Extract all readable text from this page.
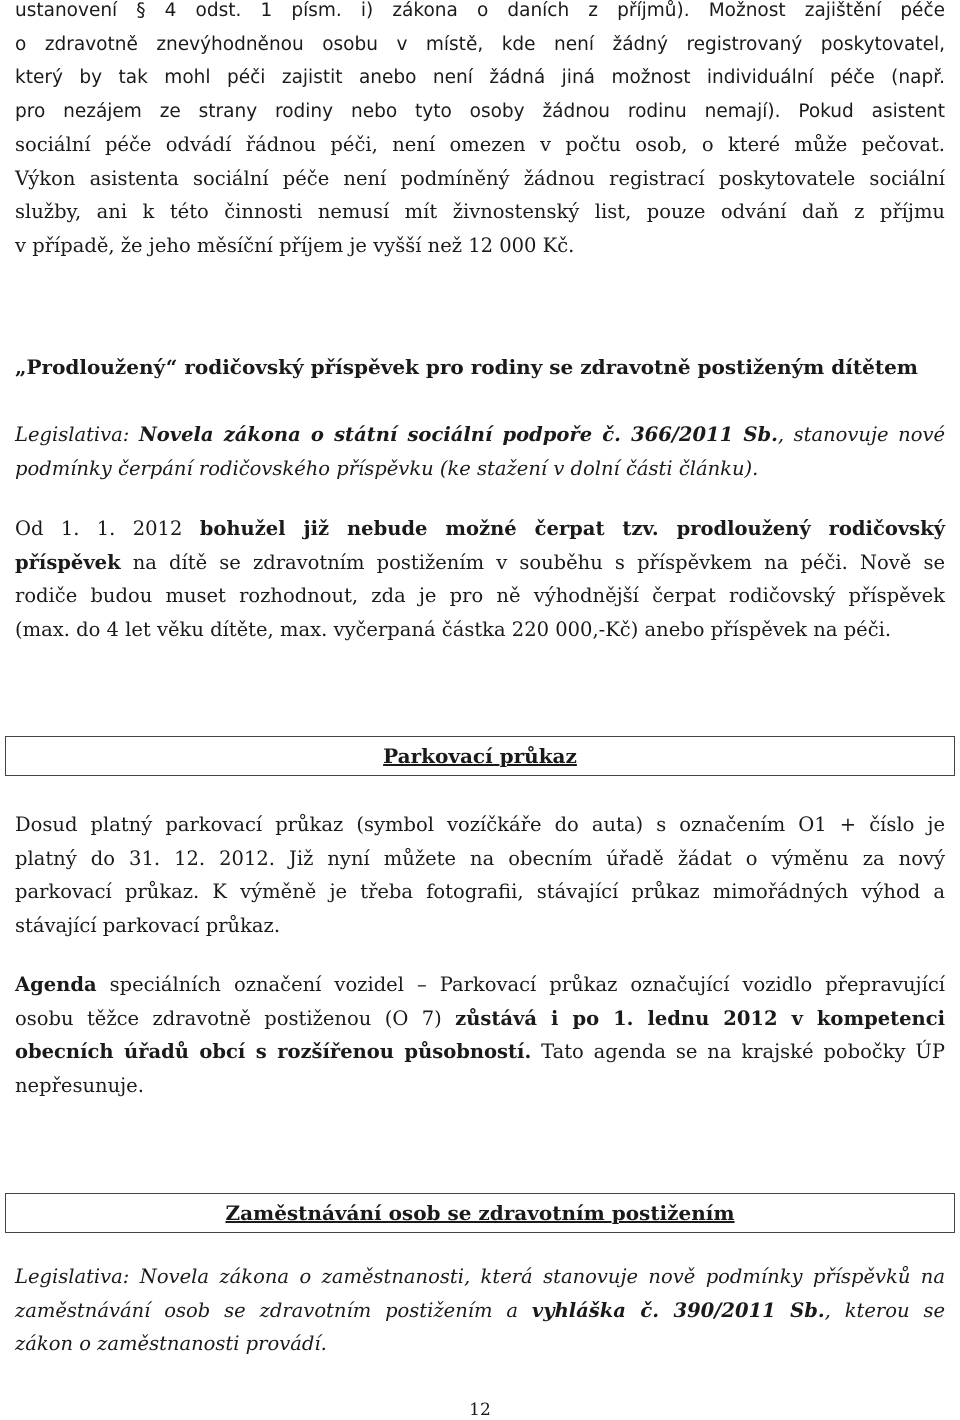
ustanovení § 4 odst. 1 písm. i) zákona o daních z příjmů). Možnost zajištění péče
o zdravotně znevýhodněnou osobu v místě, kde není žádný registrovaný poskytovatel,
který by tak mohl péči zajistit anebo není žádná jiná možnost individuální péče (např.
pro nezájem ze strany rodiny nebo tyto osoby žádnou rodinu nemají). Pokud asistent
sociální péče odvádí řádnou péči, není omezen v počtu osob, o které může pečovat.
Výkon asistenta sociální péče není podmíněný žádnou registrací poskytovatele sociální
služby, ani k této činnosti nemusí mít živnostenský list, pouze odvání daň z příjmu
v případě, že jeho měsíční příjem je vyšší než 12 000 Kč.
„Prodloužený“ rodičovský příspěvek pro rodiny se zdravotně postiženým dítětem
Legislativa: Novela zákona o státní sociální podpoře č. 366/2011 Sb., stanovuje nové
podmínky čerpání rodičovského příspěvku (ke stažení v dolní části článku).
Od 1. 1. 2012 bohužel již nebude možné čerpat tzv. prodloužený rodičovský
příspěvek na dítě se zdravotním postižením v souběhu s příspěvkem na péči. Nově se
rodiče budou muset rozhodnout, zda je pro ně výhodnější čerpat rodičovský příspěvek
(max. do 4 let věku dítěte, max. vyčerpaná částka 220 000,-Kč) anebo příspěvek na péči.
Parkovací průkaz
Dosud platný parkovací průkaz (symbol vozíčkáře do auta) s označením O1 + číslo je
platný do 31. 12. 2012. Již nyní můžete na obecním úřadě žádat o výměnu za nový
parkovací průkaz. K výměně je třeba fotografii, stávající průkaz mimořádných výhod a
stávající parkovací průkaz.
Agenda speciálních označení vozidel – Parkovací průkaz označující vozidlo přepravující
osobu těžce zdravotně postiženou (O 7) zůstává i po 1. lednu 2012 v kompetenci
obecních úřadů obcí s rozšířenou působností. Tato agenda se na krajské pobočky ÚP
nepřesunuje.
Zaměstnávání osob se zdravotním postižením
Legislativa: Novela zákona o zaměstnanosti, která stanovuje nově podmínky příspěvků na
zaměstnávání osob se zdravotním postižením a vyhláška č. 390/2011 Sb., kterou se
zákon o zaměstnanosti provádí.
12
